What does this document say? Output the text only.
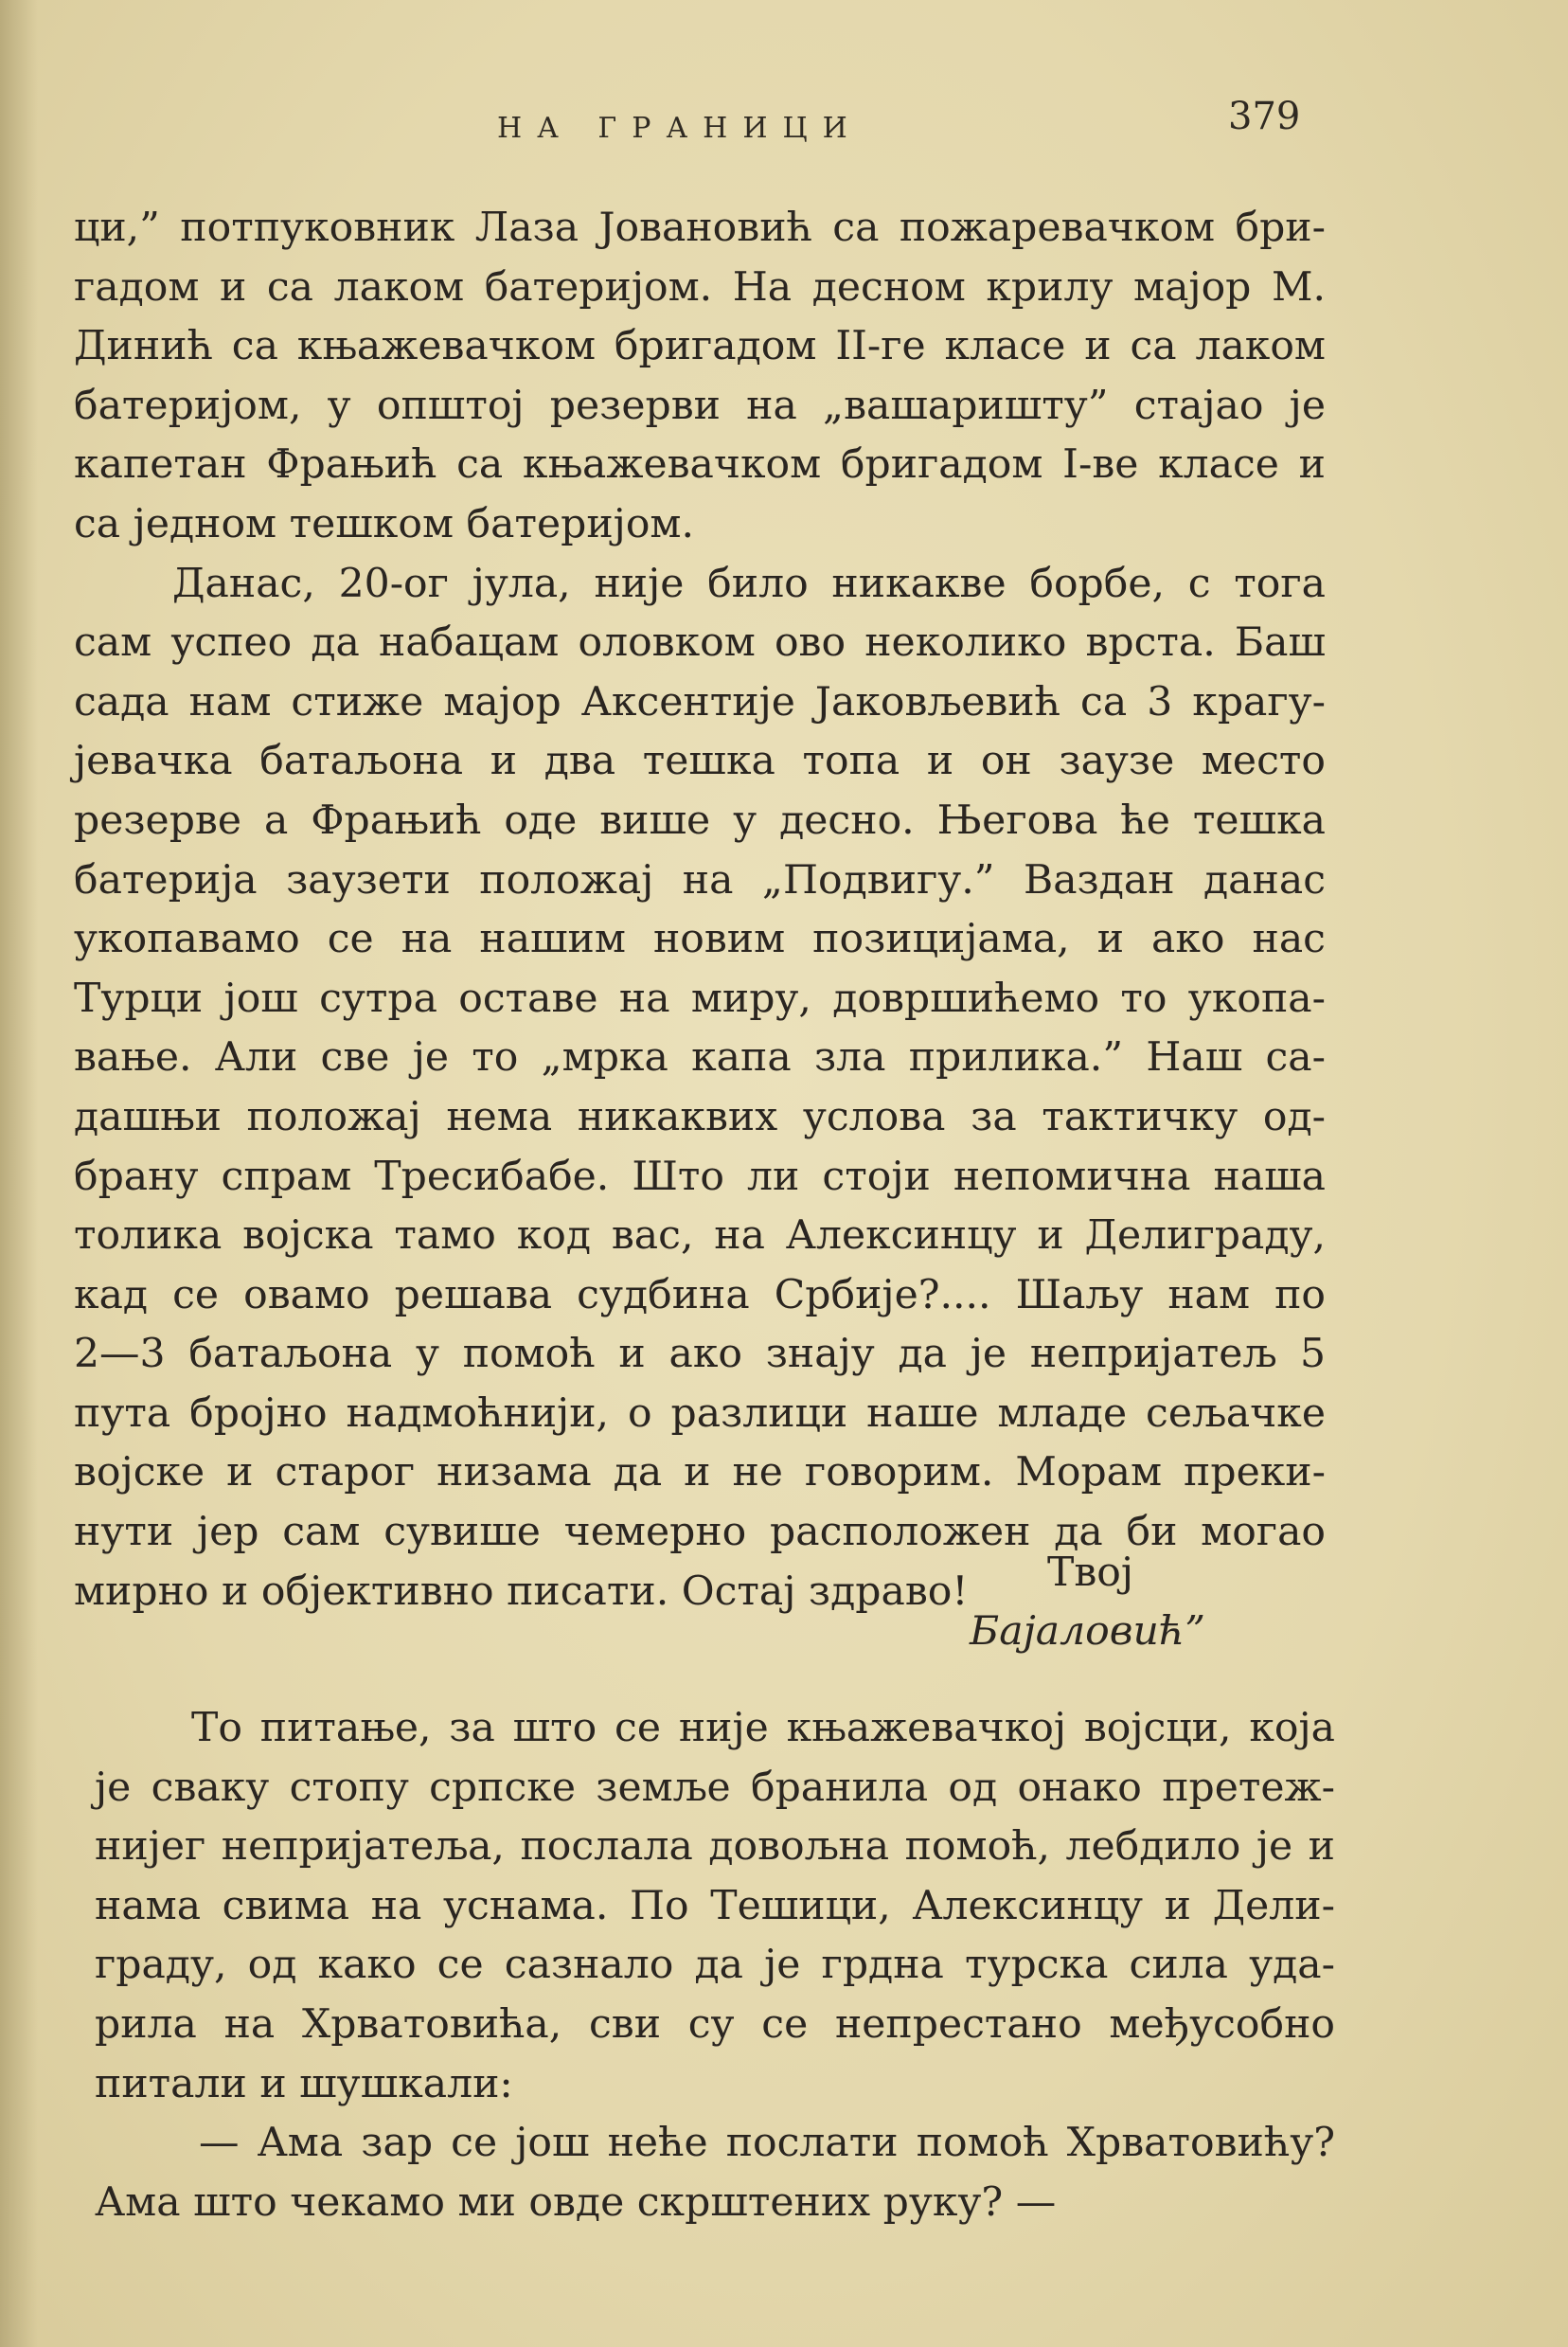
НА ГРАНИЦИ	379
ци,” потпуковник Лаза Јовановић са пожаревачком бри-
гадом и са лаком батеријом. На десном крилу мајор М.
Динић са књажевачком бригадом II-ге класе и са лаком
батеријом, у општој резерви на „вашаришту” стајао је
капетан Фрањић са књажевачком бригадом I-ве класе и
са једном тешком батеријом.
Данас, 20-ог јула, није било никакве борбе, с тога
сам успео да набацам оловком ово неколико врста. Баш
сада нам стиже мајор Аксентије Јаковљевић са 3 крагу-
јевачка батаљона и два тешка топа и он заузе место
резерве а Фрањић оде више у десно. Његова ће тешка
батерија заузети положај на „Подвигу.” Ваздан данас
укопавамо се на нашим новим позицијама, и ако нас
Турци још сутра оставе на миру, довршићемо то укопа-
вање. Али све је то „мрка капа зла прилика.” Наш са-
дашњи положај нема никаквих услова за тактичку од-
брану спрам Тресибабе. Што ли стоји непомична наша
толика војска тамо код вас, на Алексинцу и Делиграду,
кад се овамо решава судбина Србије?.... Шаљу нам по
2—3 батаљона у помоћ и ако знају да је непријатељ 5
пута бројно надмоћнији, о разлици наше младе сељачке
војске и старог низама да и не говорим. Морам преки-
нути јер сам сувише чемерно расположен да би могао
мирно и објективно писати. Остај здраво!	Твој
Бајаловић”
То питање, за што се није књажевачкој војсци, која
је сваку стопу српске земље бранила од онако претеж-
нијег непријатеља, послала довољна помоћ, лебдило је и
нама свима на уснама. По Тешици, Алексинцу и Дели-
граду, од како се сазнало да је грдна турска сила уда-
рила на Хрватовића, сви су се непрестано међусобно
питали и шушкали:
— Ама зар се још неће послати помоћ Хрватовићу?
Ама што чекамо ми овде скрштених руку? —
